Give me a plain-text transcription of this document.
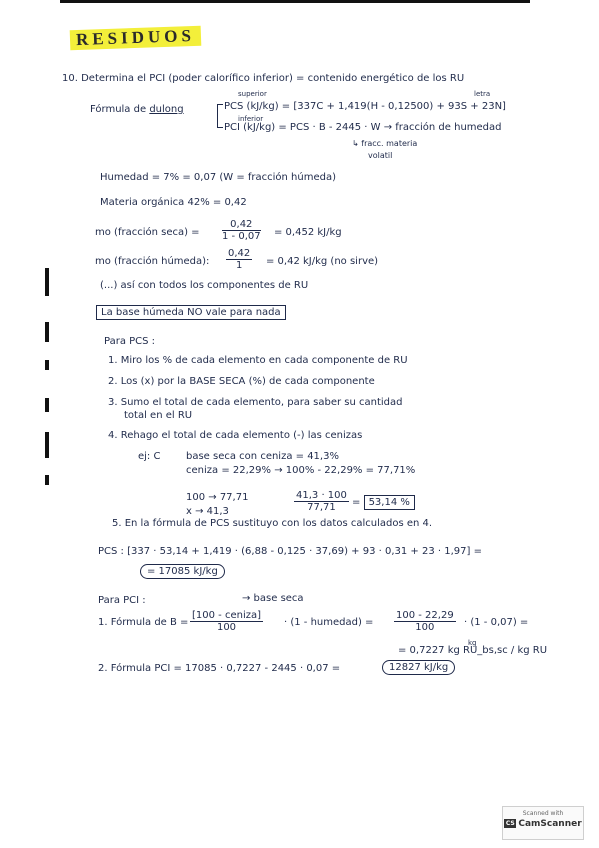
RESIDUOS
10. Determina el PCI (poder calorífico inferior) = contenido energético de los RU
Fórmula de dulong
superior	letra
PCS (kJ/kg) = [337C + 1,419(H - 0,12500) + 93S + 23N]
inferior
PCI (kJ/kg) = PCS · B - 2445 · W → fracción de humedad
↳ fracc. materia
volatil
Humedad = 7% = 0,07 (W = fracción húmeda)
Materia orgánica 42% = 0,42
mo (fracción $\sec a) = \frac{0,42}{1 - 0,07} = 0,452$ kJ/kg
mo (fracción húmeda): $\frac{0,42}{1} = 0,42$ kJ/kg (no sirve)
(...) así con todos los componentes de RU
La base húmeda NO vale para nada
Para PCS :
1. Miro los % de cada elemento en cada componente de RU
2. Los (x) por la BASE SECA (%) de cada componente
3. Sumo el total de cada elemento, para saber su cantidad
total en el RU
4. Rehago el total de cada elemento (-) las cenizas
ej: C	base seca con ceniza = 41,3%
ceniza = 22,29% → 100% - 22,29% = 77,71%
100 → 77,71
x → 41,3	$\frac{41,3 \cdot 100}{77,71} = 53,14$ %
5. En la fórmula de PCS sustituyo con los datos calculados en 4.
PCS : [337 · 53,14 + 1,419 · (6,88 - 0,125 · 37,69) + 93 · 0,31 + 23 · 1,97] =
= 17085 kJ/kg
Para PCI :	→ base seca
1. Fórmula de B =
[100 - ceniza]
100	· (1 - humedad) = $\frac{100 - 22,29}{100} \cdot (1 - 0,07)$ =
kg
= 0,7227 kg RU_bs,sc / kg RU
2. Fórmula PCI = 17085 · 0,7227 - 2445 · 0,07 =	12827 kJ/kg
Scanned with
CS CamScanner
